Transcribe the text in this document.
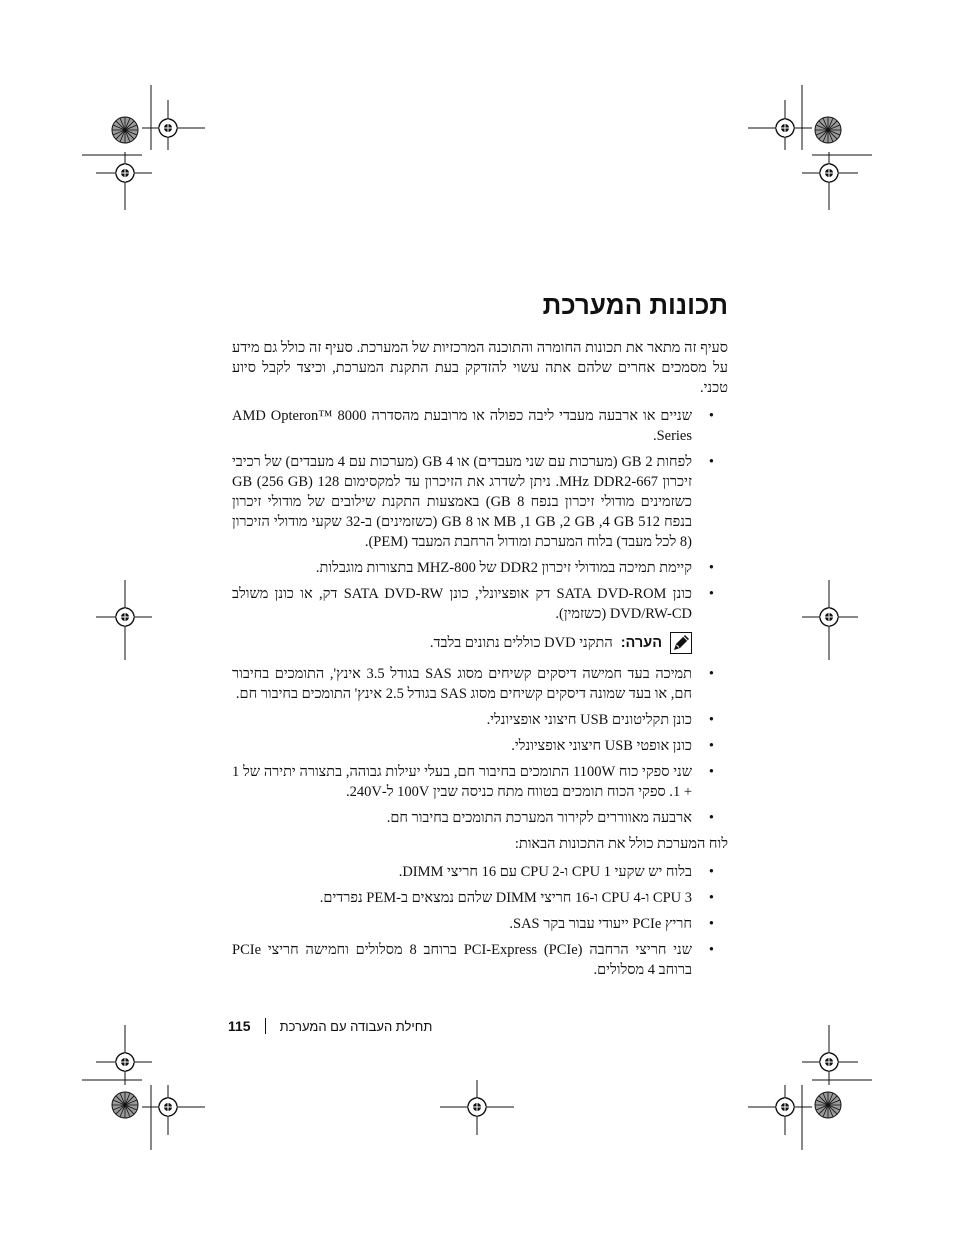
תכונות המערכת

סעיף זה מתאר את תכונות החומרה והתוכנה המרכזיות של המערכת. סעיף זה כולל גם מידע על מסמכים אחרים שלהם אתה עשוי להזדקק בעת התקנת המערכת, וכיצד לקבל סיוע טכני.

• שניים או ארבעה מעבדי ליבה כפולה או מרובעת מהסדרה AMD Opteron™ 8000 Series.
• לפחות 2 GB (מערכות עם שני מעבדים) או 4 GB (מערכות עם 4 מעבדים) של רכיבי זיכרון 667-MHz DDR2. ניתן לשדרג את הזיכרון עד למקסימום 128 GB (256 GB) כשזמינים מודולי זיכרון בנפח 8 GB) באמצעות התקנת שילובים של מודולי זיכרון בנפח 512 MB ,1 GB ,2 GB ,4 GB או 8 GB (כשזמינים) ב-32 שקעי מודולי הזיכרון (8 לכל מעבד) בלוח המערכת ומודול הרחבת המעבד (PEM).
• קיימת תמיכה במודולי זיכרון DDR2 של 800-MHZ בתצורות מוגבלות.
• כונן SATA DVD-ROM דק אופציונלי, כונן SATA DVD-RW דק, או כונן משולב DVD/RW-CD (כשזמין).
הערה:
התקני DVD כוללים נתונים בלבד.
• תמיכה בעד חמישה דיסקים קשיחים מסוג SAS בגודל 3.5 אינץ', התומכים בחיבור חם, או בעד שמונה דיסקים קשיחים מסוג SAS בגודל 2.5 אינץ' התומכים בחיבור חם.
• כונן תקליטונים USB חיצוני אופציונלי.
• כונן אופטי USB חיצוני אופציונלי.
• שני ספקי כוח 1100W התומכים בחיבור חם, בעלי יעילות גבוהה, בתצורה יתירה של 1 + 1. ספקי הכוח תומכים בטווח מתח כניסה שבין 100V ל-240V.
• ארבעה מאווררים לקירור המערכת התומכים בחיבור חם.

לוח המערכת כולל את התכונות הבאות:

• בלוח יש שקעי CPU 1 ו-CPU 2 עם 16 חריצי DIMM.
• CPU 3 ו-CPU 4 ו-16 חריצי DIMM שלהם נמצאים ב-PEM נפרדים.
• חריץ PCIe ייעודי עבור בקר SAS.
• שני חריצי הרחבה PCI-Express (PCIe) ברוחב 8 מסלולים וחמישה חריצי PCIe ברוחב 4 מסלולים.
115 תחילת העבודה עם המערכת
